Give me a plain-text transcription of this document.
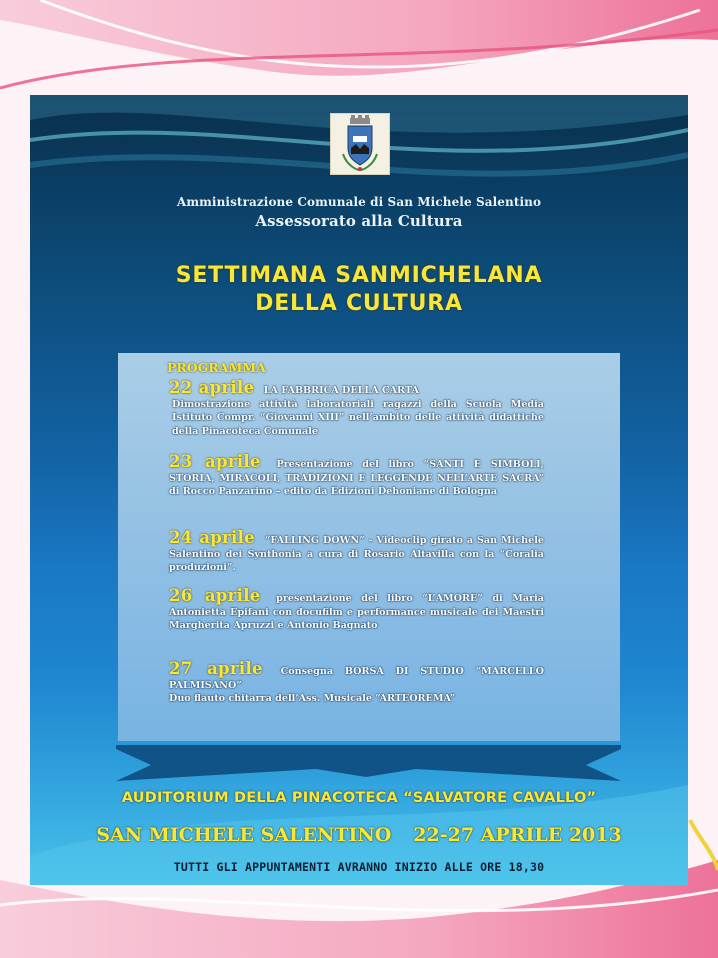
Amministrazione Comunale di San Michele Salentino
Assessorato alla Cultura
SETTIMANA SANMICHELANA
DELLA CULTURA
PROGRAMMA
22 aprile LA FABBRICA DELLA CARTA
Dimostrazione attività laboratoriali ragazzi della Scuola Media Istituto Compr. “Giovanni XIII” nell’ambito delle attività didattiche della Pinacoteca Comunale
23 aprile Presentazione del libro “SANTI E SIMBOLI, STORIA, MIRACOLI, TRADIZIONI E LEGGENDE NELL’ARTE SACRA” di Rocco Panzarino – edito da Edizioni Dehoniane di Bologna
24 aprile “FALLING DOWN” - Videoclip girato a San Michele Salentino dei Synthonia a cura di Rosario Altavilla con la “Coralia produzioni”.
26 aprile presentazione del libro “L’AMORE” di Maria Antonietta Epifani con docufilm e performance musicale dei Maestri Margherita Apruzzi e Antonio Bagnato
27 aprile Consegna BORSA DI STUDIO “MARCELLO PALMISANO”
Duo flauto chitarra dell’Ass. Musicale “ARTEOREMA”
AUDITORIUM DELLA PINACOTECA “SALVATORE CAVALLO”
SAN MICHELE SALENTINO 22-27 APRILE 2013
TUTTI GLI APPUNTAMENTI AVRANNO INIZIO ALLE ORE 18,30
